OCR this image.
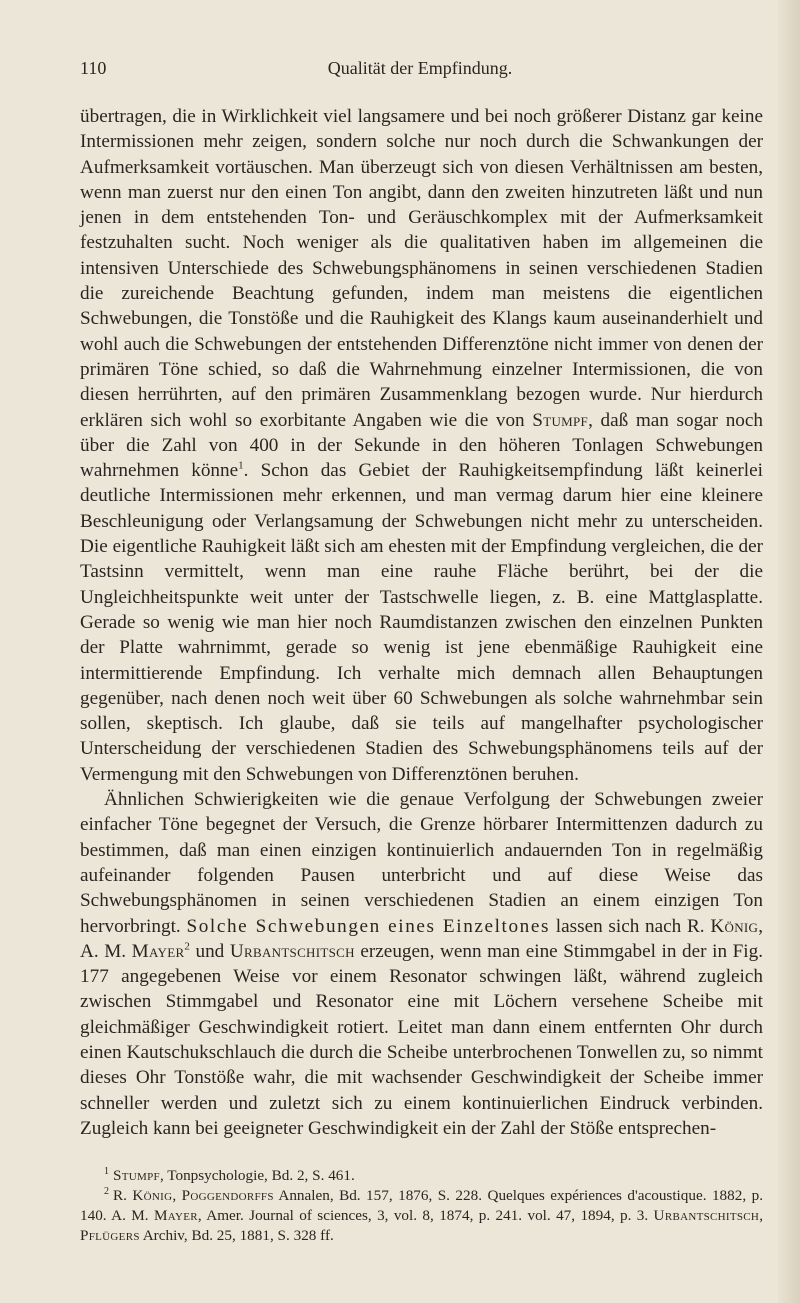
110	Qualität der Empfindung.

übertragen, die in Wirklichkeit viel langsamere und bei noch größerer Distanz gar keine Intermissionen mehr zeigen, sondern solche nur noch durch die Schwankungen der Aufmerksamkeit vortäuschen. Man überzeugt sich von diesen Verhältnissen am besten, wenn man zuerst nur den einen Ton angibt, dann den zweiten hinzutreten läßt und nun jenen in dem entstehenden Ton- und Geräuschkomplex mit der Aufmerksamkeit festzuhalten sucht. Noch weniger als die qualitativen haben im allgemeinen die intensiven Unterschiede des Schwebungsphänomens in seinen verschiedenen Stadien die zureichende Beachtung gefunden, indem man meistens die eigentlichen Schwebungen, die Tonstöße und die Rauhigkeit des Klangs kaum auseinanderhielt und wohl auch die Schwebungen der entstehenden Differenztöne nicht immer von denen der primären Töne schied, so daß die Wahrnehmung einzelner Intermissionen, die von diesen herrührten, auf den primären Zusammenklang bezogen wurde. Nur hierdurch erklären sich wohl so exorbitante Angaben wie die von Stumpf, daß man sogar noch über die Zahl von 400 in der Sekunde in den höheren Tonlagen Schwebungen wahrnehmen könne$^1$. Schon das Gebiet der Rauhigkeitsempfindung läßt keinerlei deutliche Intermissionen mehr erkennen, und man vermag darum hier eine kleinere Beschleunigung oder Verlangsamung der Schwebungen nicht mehr zu unterscheiden. Die eigentliche Rauhigkeit läßt sich am ehesten mit der Empfindung vergleichen, die der Tastsinn vermittelt, wenn man eine rauhe Fläche berührt, bei der die Ungleichheitspunkte weit unter der Tastschwelle liegen, z. B. eine Mattglasplatte. Gerade so wenig wie man hier noch Raumdistanzen zwischen den einzelnen Punkten der Platte wahrnimmt, gerade so wenig ist jene ebenmäßige Rauhigkeit eine intermittierende Empfindung. Ich verhalte mich demnach allen Behauptungen gegenüber, nach denen noch weit über 60 Schwebungen als solche wahrnehmbar sein sollen, skeptisch. Ich glaube, daß sie teils auf mangelhafter psychologischer Unterscheidung der verschiedenen Stadien des Schwebungsphänomens teils auf der Vermengung mit den Schwebungen von Differenztönen beruhen.

Ähnlichen Schwierigkeiten wie die genaue Verfolgung der Schwebungen zweier einfacher Töne begegnet der Versuch, die Grenze hörbarer Intermittenzen dadurch zu bestimmen, daß man einen einzigen kontinuierlich andauernden Ton in regelmäßig aufeinander folgenden Pausen unterbricht und auf diese Weise das Schwebungsphänomen in seinen verschiedenen Stadien an einem einzigen Ton hervorbringt. Solche Schwebungen eines Einzeltones lassen sich nach R. König, A. M. Mayer$^2$ und Urbantschitsch erzeugen, wenn man eine Stimmgabel in der in Fig. 177 angegebenen Weise vor einem Resonator schwingen läßt, während zugleich zwischen Stimmgabel und Resonator eine mit Löchern versehene Scheibe mit gleichmäßiger Geschwindigkeit rotiert. Leitet man dann einem entfernten Ohr durch einen Kautschukschlauch die durch die Scheibe unterbrochenen Tonwellen zu, so nimmt dieses Ohr Tonstöße wahr, die mit wachsender Geschwindigkeit der Scheibe immer schneller werden und zuletzt sich zu einem kontinuierlichen Eindruck verbinden. Zugleich kann bei geeigneter Geschwindigkeit ein der Zahl der Stöße entsprechen-

$^1$ Stumpf, Tonpsychologie, Bd. 2, S. 461.

$^2$ R. König, Poggendorffs Annalen, Bd. 157, 1876, S. 228. Quelques expériences d'acoustique. 1882, p. 140. A. M. Mayer, Amer. Journal of sciences, 3, vol. 8, 1874, p. 241. vol. 47, 1894, p. 3. Urbantschitsch, Pflügers Archiv, Bd. 25, 1881, S. 328 ff.
